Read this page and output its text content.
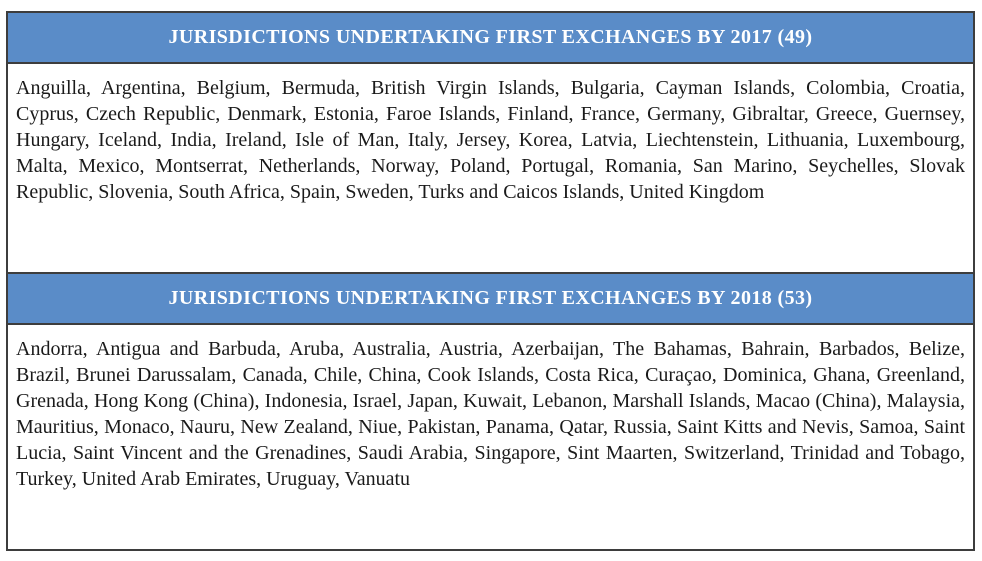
JURISDICTIONS UNDERTAKING FIRST EXCHANGES BY 2017 (49)

Anguilla, Argentina, Belgium, Bermuda, British Virgin Islands, Bulgaria, Cayman Islands, Colombia, Croatia, Cyprus, Czech Republic, Denmark, Estonia, Faroe Islands, Finland, France, Germany, Gibraltar, Greece, Guernsey, Hungary, Iceland, India, Ireland, Isle of Man, Italy, Jersey, Korea, Latvia, Liechtenstein, Lithuania, Luxembourg, Malta, Mexico, Montserrat, Netherlands, Norway, Poland, Portugal, Romania, San Marino, Seychelles, Slovak Republic, Slovenia, South Africa, Spain, Sweden, Turks and Caicos Islands, United Kingdom

JURISDICTIONS UNDERTAKING FIRST EXCHANGES BY 2018 (53)

Andorra, Antigua and Barbuda, Aruba, Australia, Austria, Azerbaijan, The Bahamas, Bahrain, Barbados, Belize, Brazil, Brunei Darussalam, Canada, Chile, China, Cook Islands, Costa Rica, Curaçao, Dominica, Ghana, Greenland, Grenada, Hong Kong (China), Indonesia, Israel, Japan, Kuwait, Lebanon, Marshall Islands, Macao (China), Malaysia, Mauritius, Monaco, Nauru, New Zealand, Niue, Pakistan, Panama, Qatar, Russia, Saint Kitts and Nevis, Samoa, Saint Lucia, Saint Vincent and the Grenadines, Saudi Arabia, Singapore, Sint Maarten, Switzerland, Trinidad and Tobago, Turkey, United Arab Emirates, Uruguay, Vanuatu
